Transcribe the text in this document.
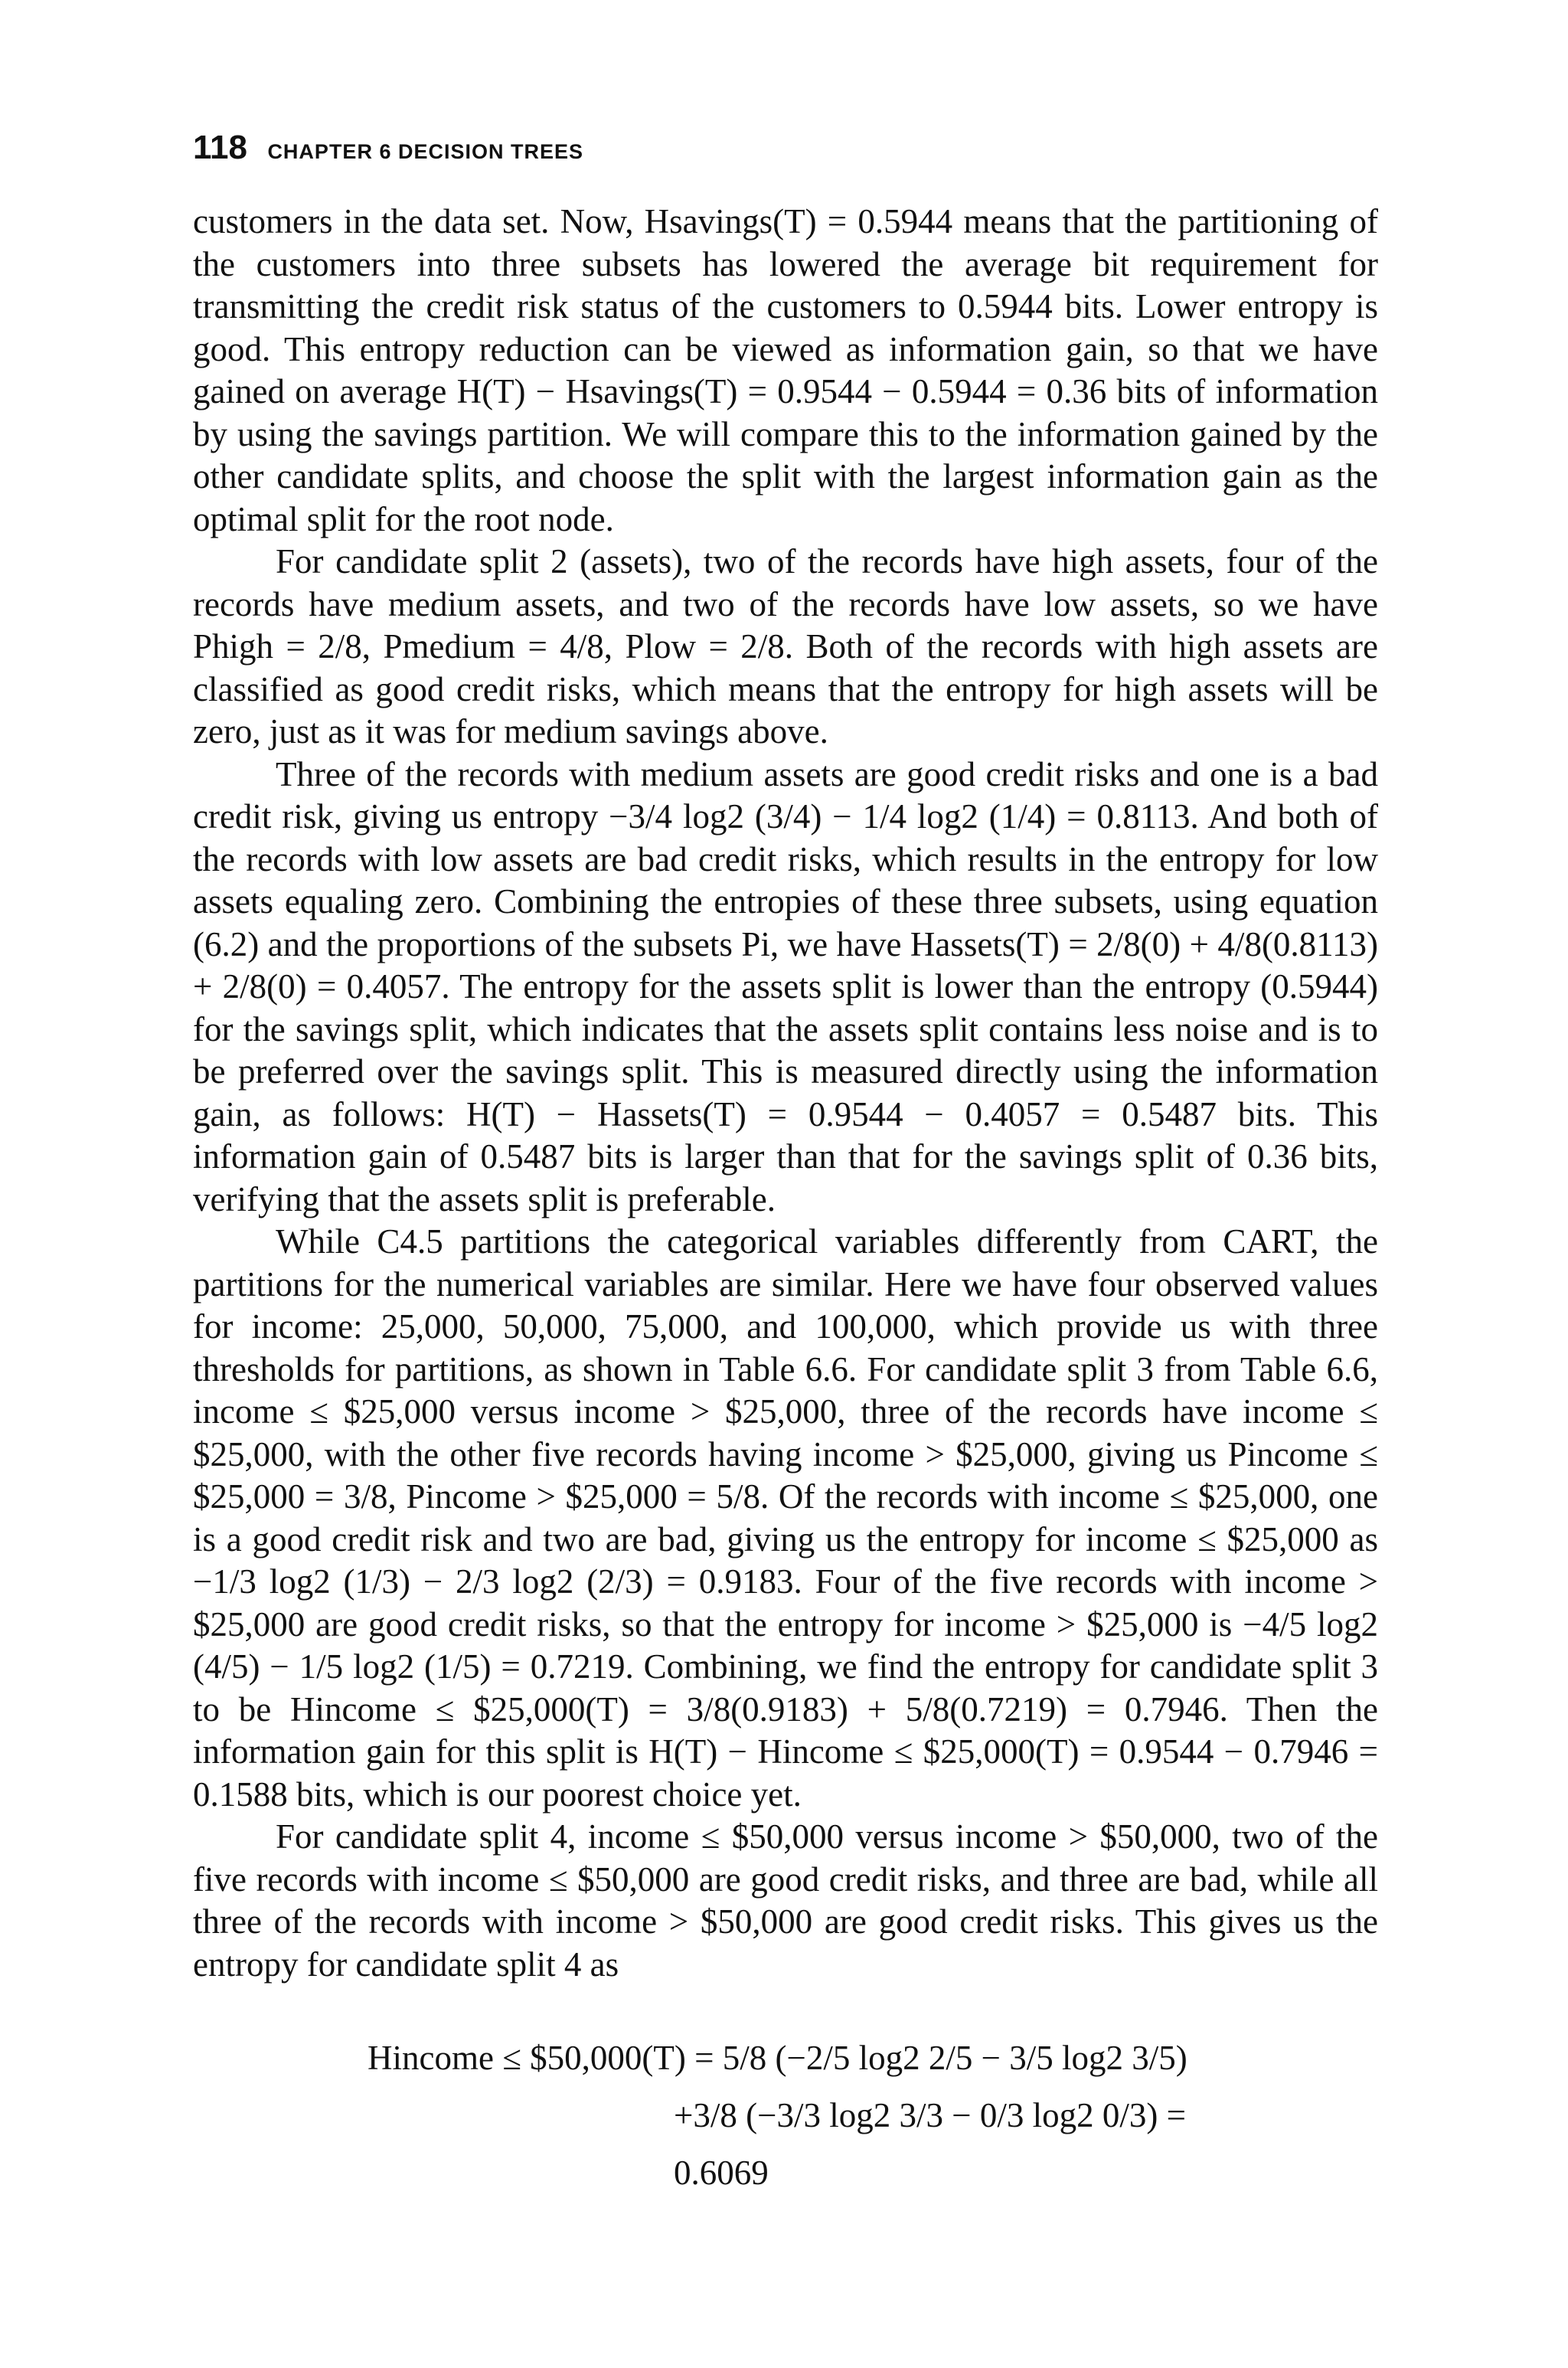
118 CHAPTER 6 DECISION TREES

customers in the data set. Now, Hsavings(T) = 0.5944 means that the partitioning of the customers into three subsets has lowered the average bit requirement for transmitting the credit risk status of the customers to 0.5944 bits. Lower entropy is good. This entropy reduction can be viewed as information gain, so that we have gained on average H(T) − Hsavings(T) = 0.9544 − 0.5944 = 0.36 bits of information by using the savings partition. We will compare this to the information gained by the other candidate splits, and choose the split with the largest information gain as the optimal split for the root node.

For candidate split 2 (assets), two of the records have high assets, four of the records have medium assets, and two of the records have low assets, so we have Phigh = 2/8, Pmedium = 4/8, Plow = 2/8. Both of the records with high assets are classified as good credit risks, which means that the entropy for high assets will be zero, just as it was for medium savings above.

Three of the records with medium assets are good credit risks and one is a bad credit risk, giving us entropy −3/4 log2 (3/4) − 1/4 log2 (1/4) = 0.8113. And both of the records with low assets are bad credit risks, which results in the entropy for low assets equaling zero. Combining the entropies of these three subsets, using equation (6.2) and the proportions of the subsets Pi, we have Hassets(T) = 2/8(0) + 4/8(0.8113) + 2/8(0) = 0.4057. The entropy for the assets split is lower than the entropy (0.5944) for the savings split, which indicates that the assets split contains less noise and is to be preferred over the savings split. This is measured directly using the information gain, as follows: H(T) − Hassets(T) = 0.9544 − 0.4057 = 0.5487 bits. This information gain of 0.5487 bits is larger than that for the savings split of 0.36 bits, verifying that the assets split is preferable.

While C4.5 partitions the categorical variables differently from CART, the partitions for the numerical variables are similar. Here we have four observed values for income: 25,000, 50,000, 75,000, and 100,000, which provide us with three thresholds for partitions, as shown in Table 6.6. For candidate split 3 from Table 6.6, income ≤ $25,000 versus income > $25,000, three of the records have income ≤ $25,000, with the other five records having income > $25,000, giving us Pincome ≤ $25,000 = 3/8, Pincome > $25,000 = 5/8. Of the records with income ≤ $25,000, one is a good credit risk and two are bad, giving us the entropy for income ≤ $25,000 as −1/3 log2 (1/3) − 2/3 log2 (2/3) = 0.9183. Four of the five records with income > $25,000 are good credit risks, so that the entropy for income > $25,000 is −4/5 log2 (4/5) − 1/5 log2 (1/5) = 0.7219. Combining, we find the entropy for candidate split 3 to be Hincome ≤ $25,000(T) = 3/8(0.9183) + 5/8(0.7219) = 0.7946. Then the information gain for this split is H(T) − Hincome ≤ $25,000(T) = 0.9544 − 0.7946 = 0.1588 bits, which is our poorest choice yet.

For candidate split 4, income ≤ $50,000 versus income > $50,000, two of the five records with income ≤ $50,000 are good credit risks, and three are bad, while all three of the records with income > $50,000 are good credit risks. This gives us the entropy for candidate split 4 as

Hincome ≤ $50,000(T) = 5/8 (−2/5 log2 2/5 − 3/5 log2 3/5)
+3/8 (−3/3 log2 3/3 − 0/3 log2 0/3) = 0.6069
